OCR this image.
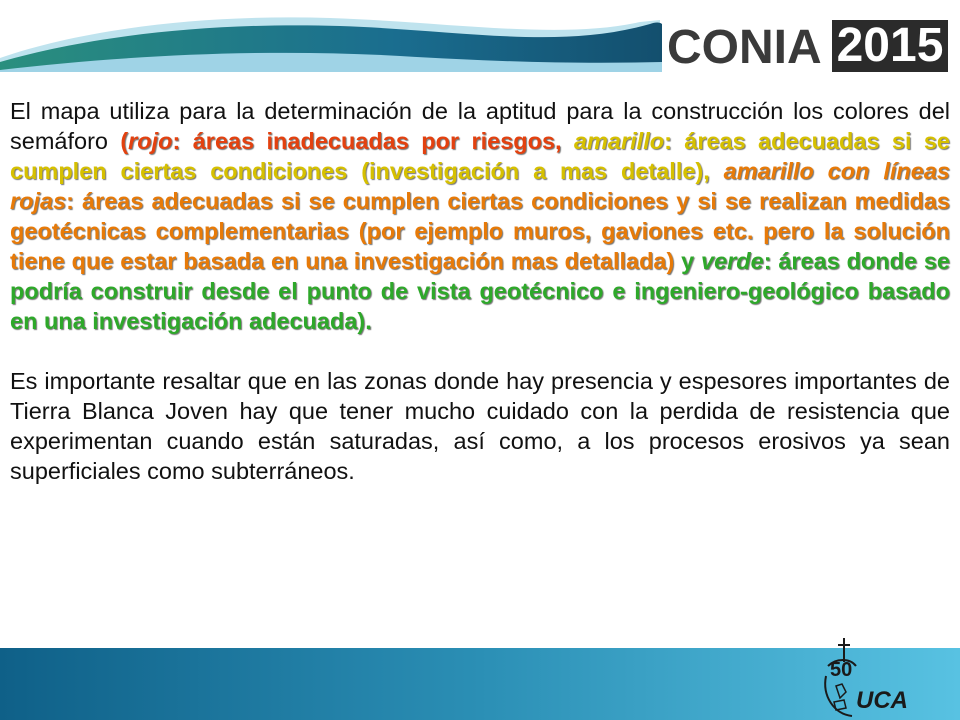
CONIA 2015

El mapa utiliza para la determinación de la aptitud para la construcción los colores del semáforo (rojo: áreas inadecuadas por riesgos, amarillo: áreas adecuadas si se cumplen ciertas condiciones (investigación a mas detalle), amarillo con líneas rojas: áreas adecuadas si se cumplen ciertas condiciones y si se realizan medidas geotécnicas complementarias (por ejemplo muros, gaviones etc. pero la solución tiene que estar basada en una investigación mas detallada) y verde: áreas donde se podría construir desde el punto de vista geotécnico e ingeniero-geológico basado en una investigación adecuada).

Es importante resaltar que en las zonas donde hay presencia y espesores importantes de Tierra Blanca Joven hay que tener mucho cuidado con la perdida de resistencia que experimentan cuando están saturadas, así como, a los procesos erosivos ya sean superficiales como subterráneos.

50
UCA
